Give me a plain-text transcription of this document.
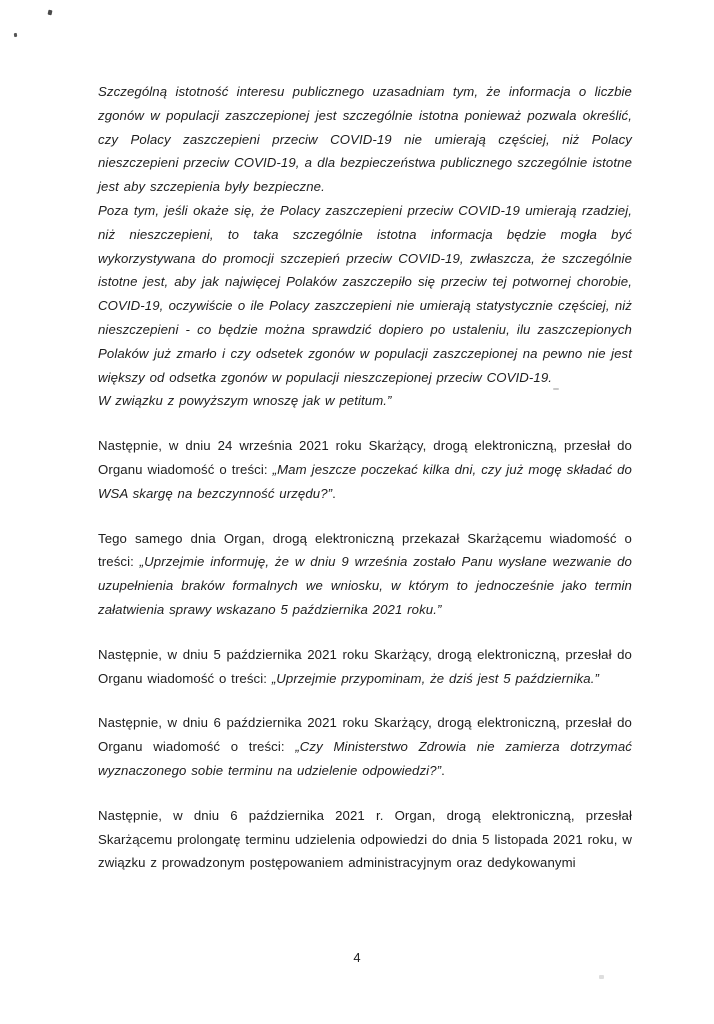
Szczególną istotność interesu publicznego uzasadniam tym, że informacja o liczbie zgonów w populacji zaszczepionej jest szczególnie istotna ponieważ pozwala określić, czy Polacy zaszczepieni przeciw COVID-19 nie umierają częściej, niż Polacy nieszczepieni przeciw COVID-19, a dla bezpieczeństwa publicznego szczególnie istotne jest aby szczepienia były bezpieczne.

Poza tym, jeśli okaże się, że Polacy zaszczepieni przeciw COVID-19 umierają rzadziej, niż nieszczepieni, to taka szczególnie istotna informacja będzie mogła być wykorzystywana do promocji szczepień przeciw COVID-19, zwłaszcza, że szczególnie istotne jest, aby jak najwięcej Polaków zaszczepiło się przeciw tej potwornej chorobie, COVID-19, oczywiście o ile Polacy zaszczepieni nie umierają statystycznie częściej, niż nieszczepieni - co będzie można sprawdzić dopiero po ustaleniu, ilu zaszczepionych Polaków już zmarło i czy odsetek zgonów w populacji zaszczepionej na pewno nie jest większy od odsetka zgonów w populacji nieszczepionej przeciw COVID-19.

W związku z powyższym wnoszę jak w petitum.”

Następnie, w dniu 24 września 2021 roku Skarżący, drogą elektroniczną, przesłał do Organu wiadomość o treści: „Mam jeszcze poczekać kilka dni, czy już mogę składać do WSA skargę na bezczynność urzędu?”.

Tego samego dnia Organ, drogą elektroniczną przekazał Skarżącemu wiadomość o treści: „Uprzejmie informuję, że w dniu 9 września zostało Panu wysłane wezwanie do uzupełnienia braków formalnych we wniosku, w którym to jednocześnie jako termin załatwienia sprawy wskazano 5 października 2021 roku.”

Następnie, w dniu 5 października 2021 roku Skarżący, drogą elektroniczną, przesłał do Organu wiadomość o treści: „Uprzejmie przypominam, że dziś jest 5 października.”

Następnie, w dniu 6 października 2021 roku Skarżący, drogą elektroniczną, przesłał do Organu wiadomość o treści: „Czy Ministerstwo Zdrowia nie zamierza dotrzymać wyznaczonego sobie terminu na udzielenie odpowiedzi?”.

Następnie, w dniu 6 października 2021 r. Organ, drogą elektroniczną, przesłał Skarżącemu prolongatę terminu udzielenia odpowiedzi do dnia 5 listopada 2021 roku, w związku z prowadzonym postępowaniem administracyjnym oraz dedykowanymi

4
